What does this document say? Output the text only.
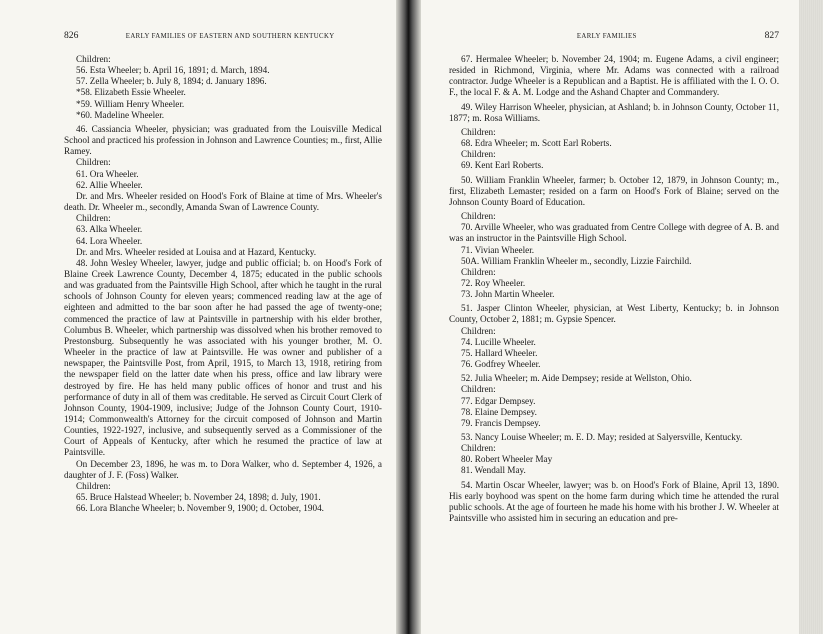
826	EARLY FAMILIES OF EASTERN AND SOUTHERN KENTUCKY

Children:

56. Esta Wheeler; b. April 16, 1891; d. March, 1894.

57. Zella Wheeler; b. July 8, 1894; d. January 1896.

*58. Elizabeth Essie Wheeler.

*59. William Henry Wheeler.

*60. Madeline Wheeler.

46. Cassiancia Wheeler, physician; was graduated from the Louisville Medical School and practiced his profession in Johnson and Lawrence Counties; m., first, Allie Ramey.

Children:

61. Ora Wheeler.

62. Allie Wheeler.

Dr. and Mrs. Wheeler resided on Hood's Fork of Blaine at time of Mrs. Wheeler's death. Dr. Wheeler m., secondly, Amanda Swan of Lawrence County.

Children:

63. Alka Wheeler.

64. Lora Wheeler.

Dr. and Mrs. Wheeler resided at Louisa and at Hazard, Kentucky.

48. John Wesley Wheeler, lawyer, judge and public official; b. on Hood's Fork of Blaine Creek Lawrence County, December 4, 1875; educated in the public schools and was graduated from the Paintsville High School, after which he taught in the rural schools of Johnson County for eleven years; commenced reading law at the age of eighteen and admitted to the bar soon after he had passed the age of twenty-one; commenced the practice of law at Paintsville in partnership with his elder brother, Columbus B. Wheeler, which partnership was dissolved when his brother removed to Prestonsburg. Subsequently he was associated with his younger brother, M. O. Wheeler in the practice of law at Paintsville. He was owner and publisher of a newspaper, the Paintsville Post, from April, 1915, to March 13, 1918, retiring from the newspaper field on the latter date when his press, office and law library were destroyed by fire. He has held many public offices of honor and trust and his performance of duty in all of them was creditable. He served as Circuit Court Clerk of Johnson County, 1904-1909, inclusive; Judge of the Johnson County Court, 1910-1914; Commonwealth's Attorney for the circuit composed of Johnson and Martin Counties, 1922-1927, inclusive, and subsequently served as a Commissioner of the Court of Appeals of Kentucky, after which he resumed the practice of law at Paintsville.

On December 23, 1896, he was m. to Dora Walker, who d. September 4, 1926, a daughter of J. F. (Foss) Walker.

Children:

65. Bruce Halstead Wheeler; b. November 24, 1898; d. July, 1901.

66. Lora Blanche Wheeler; b. November 9, 1900; d. October, 1904.

EARLY FAMILIES	827

67. Hermalee Wheeler; b. November 24, 1904; m. Eugene Adams, a civil engineer; resided in Richmond, Virginia, where Mr. Adams was connected with a railroad contractor. Judge Wheeler is a Republican and a Baptist. He is affiliated with the I. O. O. F., the local F. & A. M. Lodge and the Ashand Chapter and Commandery.

49. Wiley Harrison Wheeler, physician, at Ashland; b. in Johnson County, October 11, 1877; m. Rosa Williams.

Children:

68. Edra Wheeler; m. Scott Earl Roberts.

Children:

69. Kent Earl Roberts.

50. William Franklin Wheeler, farmer; b. October 12, 1879, in Johnson County; m., first, Elizabeth Lemaster; resided on a farm on Hood's Fork of Blaine; served on the Johnson County Board of Education.

Children:

70. Arville Wheeler, who was graduated from Centre College with degree of A. B. and was an instructor in the Paintsville High School.

71. Vivian Wheeler.

50A. William Franklin Wheeler m., secondly, Lizzie Fairchild.

Children:

72. Roy Wheeler.

73. John Martin Wheeler.

51. Jasper Clinton Wheeler, physician, at West Liberty, Kentucky; b. in Johnson County, October 2, 1881; m. Gypsie Spencer.

Children:

74. Lucille Wheeler.

75. Hallard Wheeler.

76. Godfrey Wheeler.

52. Julia Wheeler; m. Aide Dempsey; reside at Wellston, Ohio.

Children:

77. Edgar Dempsey.

78. Elaine Dempsey.

79. Francis Dempsey.

53. Nancy Louise Wheeler; m. E. D. May; resided at Salyersville, Kentucky.

Children:

80. Robert Wheeler May

81. Wendall May.

54. Martin Oscar Wheeler, lawyer; was b. on Hood's Fork of Blaine, April 13, 1890. His early boyhood was spent on the home farm during which time he attended the rural public schools. At the age of fourteen he made his home with his brother J. W. Wheeler at Paintsville who assisted him in securing an education and pre-
